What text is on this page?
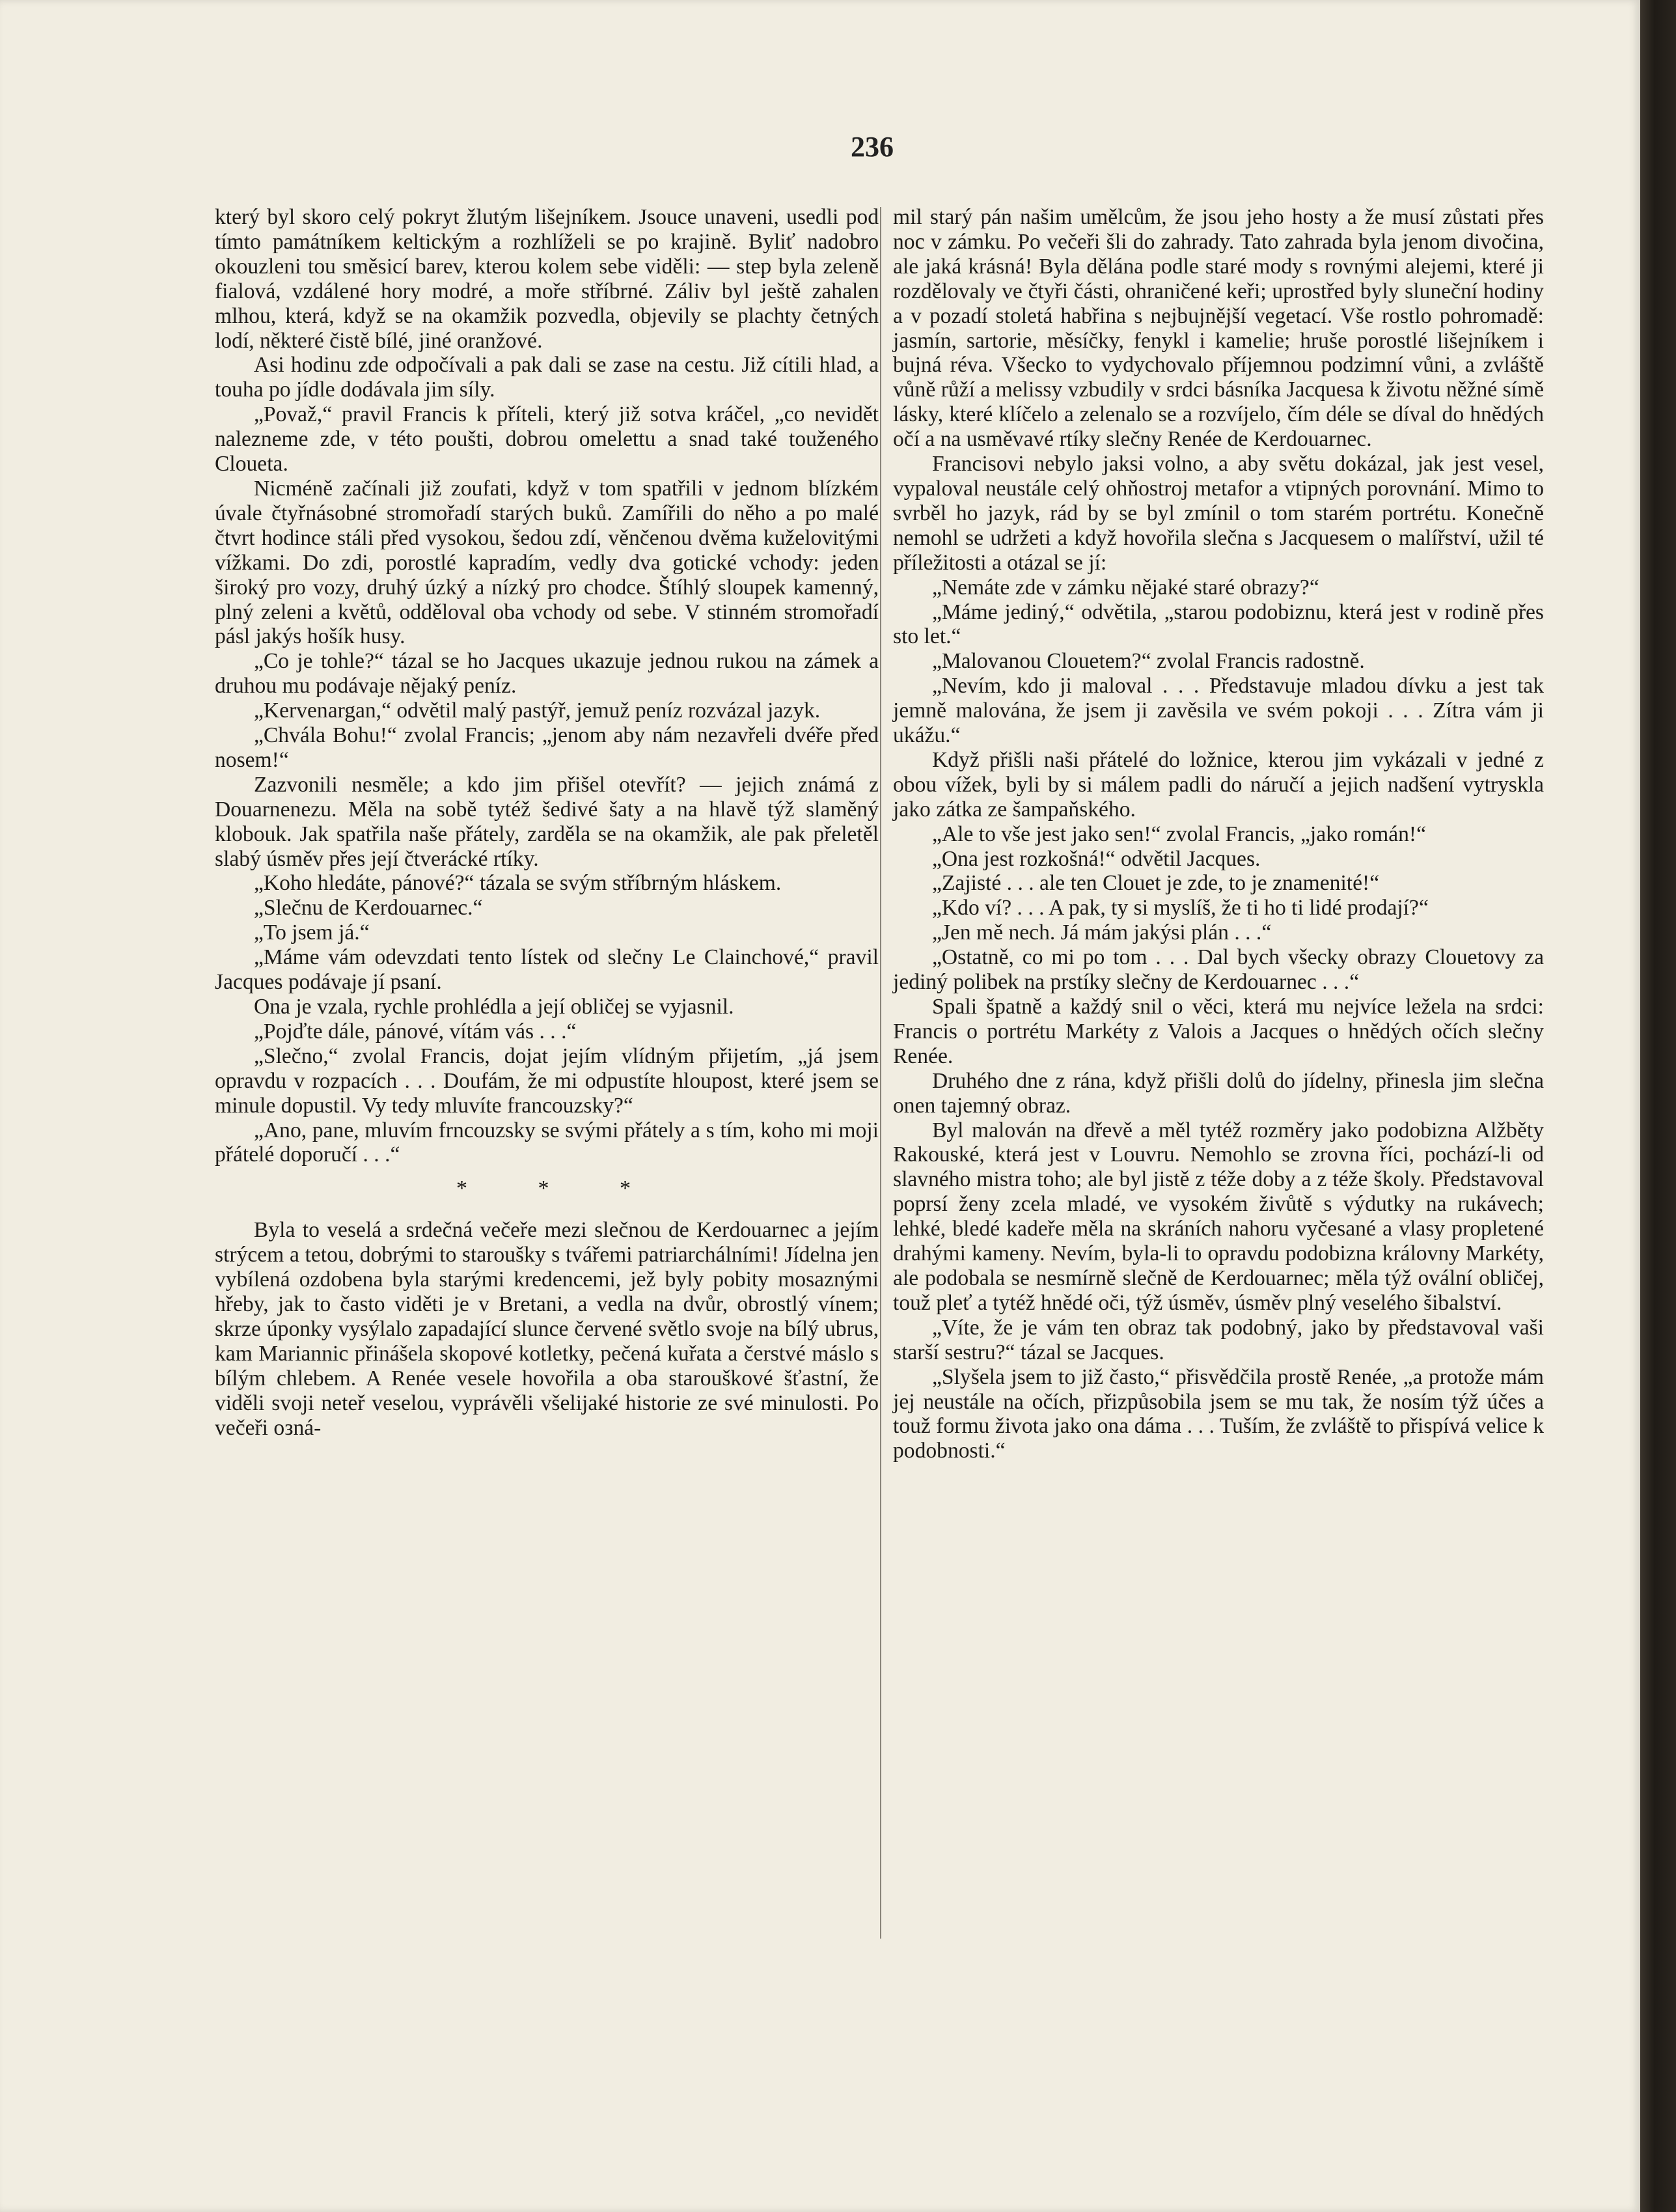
236

který byl skoro celý pokryt žlutým lišejníkem. Jsouce unaveni, usedli pod tímto památníkem keltickým a rozhlíželi se po krajině. Byliť nadobro okouzleni tou směsicí barev, kterou kolem sebe viděli: — step byla zeleně fialová, vzdálené hory modré, a moře stříbrné. Záliv byl ještě zahalen mlhou, která, když se na okamžik pozvedla, objevily se plachty četných lodí, některé čistě bílé, jiné oranžové.

Asi hodinu zde odpočívali a pak dali se zase na cestu. Již cítili hlad, a touha po jídle dodávala jim síly.

„Považ,“ pravil Francis k příteli, který již sotva kráčel, „co nevidět nalezneme zde, v této poušti, dobrou omelettu a snad také touženého Clouetа.

Nicméně začínali již zoufati, když v tom spatřili v jednom blízkém úvale čtyřnásobné stromořadí starých buků. Zamířili do něho a po malé čtvrt hodince stáli před vysokou, šedou zdí, věnčenou dvěma kuželovitými vížkami. Do zdi, porostlé kapradím, vedly dva gotické vchody: jeden široký pro vozy, druhý úzký a nízký pro chodce. Štíhlý sloupek kamenný, plný zeleni a květů, odděloval oba vchody od sebe. V stinném stromořadí pásl jakýs hošík husy.

„Co je tohle?“ tázal se ho Jacques ukazuje jednou rukou na zámek a druhou mu podávaje nějaký peníz.

„Kervenargan,“ odvětil malý pastýř, jemuž peníz rozvázal jazyk.

„Chvála Bohu!“ zvolal Francis; „jenom aby nám nezavřeli dvéře před nosem!“

Zazvonili nesměle; a kdo jim přišel otevřít? — jejich známá z Douarnenezu. Měla na sobě tytéž šedivé šaty a na hlavě týž slaměný klobouk. Jak spatřila naše přátely, zarděla se na okamžik, ale pak přeletěl slabý úsměv přes její čtverácké rtíky.

„Koho hledáte, pánové?“ tázala se svým stříbrným hláskem.

„Slečnu de Kerdouarnec.“

„To jsem já.“

„Máme vám odevzdati tento lístek od slečny Le Clainchové,“ pravil Jacques podávaje jí psaní.

Ona je vzala, rychle prohlédla a její obličej se vyjasnil.

„Pojďte dále, pánové, vítám vás . . .“

„Slečno,“ zvolal Francis, dojat jejím vlídným přijetím, „já jsem opravdu v rozpacích . . . Doufám, že mi odpustíte hloupost, které jsem se minule dopustil. Vy tedy mluvíte francouzsky?“

„Ano, pane, mluvím frncouzsky se svými přátely a s tím, koho mi moji přátelé doporučí . . .“

* * *

Byla to veselá a srdečná večeře mezi slečnou de Kerdouarnec a jejím strýcem a tetou, dobrými to starоušky s tvářemi patriarchálními! Jídelna jen vybílená ozdobena byla starými kredencemi, jež byly pobity mosaznými hřeby, jak to často viděti je v Bretani, a vedla na dvůr, obrostlý vínem; skrze úponky vysýlalo zapadající slunce červené světlo svoje na bílý ubrus, kam Mariannic přinášela skopové kotletky, pečená kuřata a čerstvé máslo s bílým chlebem. A Renée vesele hovořila a oba starouškové šťastní, že viděli svoji neteř veselou, vyprávěli všelijaké historie ze své minulosti. Po večeři oзná-

mil starý pán našim umělcům, že jsou jeho hosty a že musí zůstati přes noc v zámku. Po večeři šli do zahrady. Tato zahrada byla jenom divočina, ale jaká krásná! Byla dělána podle staré mody s rovnými alejemi, které ji rozdělovaly ve čtyři části, ohraničené keři; uprostřed byly sluneční hodiny a v pozadí stoletá habřina s nejbujnější vegetací. Vše rostlo pohromadě: jasmín, sartorie, měsíčky, fenykl i kamelie; hruše porostlé lišejníkem i bujná réva. Všecko to vydychovalo příjemnou podzimní vůni, a zvláště vůně růží a melissy vzbudily v srdci básníka Jacquesa k životu něžné símě lásky, které klíčelo a zelenalo se a rozvíjelo, čím déle se díval do hnědých očí a na usměvavé rtíky slečny Renée de Kerdouarnec.

Francisovi nebylo jaksi volno, a aby světu dokázal, jak jest vesel, vypaloval neustále celý ohňostroj metafor a vtipných porovnání. Mimo to svrběl ho jazyk, rád by se byl zmínil o tom starém portrétu. Konečně nemohl se udržeti a když hovořila slečna s Jacquesem o malířství, užil té příležitosti a otázal se jí:

„Nemáte zde v zámku nějaké staré obrazy?“

„Máme jediný,“ odvětila, „starou podobiznu, která jest v rodině přes sto let.“

„Malovanou Clouetem?“ zvolal Francis radostně.

„Nevím, kdo ji maloval . . . Představuje mladou dívku a jest tak jemně malována, že jsem ji zavěsila ve svém pokoji . . . Zítra vám ji ukážu.“

Když přišli naši přátelé do ložnice, kterou jim vykázali v jedné z obou vížek, byli by si málem padli do náručí a jejich nadšení vytryskla jako zátka ze šampaňského.

„Ale to vše jest jako sen!“ zvolal Francis, „jako román!“

„Ona jest rozkošná!“ odvětil Jacques.

„Zajisté . . . ale ten Clouet je zde, to je znamenité!“

„Kdo ví? . . . A pak, ty si myslíš, že ti ho ti lidé prodají?“

„Jen mě nech. Já mám jakýsi plán . . .“

„Ostatně, co mi po tom . . . Dal bych všecky obrazy Clouetovy za jediný polibek na prstíky slečny de Kerdouarnec . . .“

Spali špatně a každý snil o věci, která mu nejvíce ležela na srdci: Francis o portrétu Markéty z Valois a Jacques o hnědých očích slečny Renée.

Druhého dne z rána, když přišli dolů do jídelny, přinesla jim slečna onen tajemný obraz.

Byl malován na dřevě a měl tytéž rozměry jako podobizna Alžběty Rakouské, která jest v Louvru. Nemohlo se zrovna říci, pochází-li od slavného mistra toho; ale byl jistě z téže doby a z téže školy. Představoval poprsí ženy zcela mladé, ve vysokém živůtě s výdutky na rukávech; lehké, bledé kadeře měla na skráních nahoru vyčesané a vlasy propletené drahými kameny. Nevím, byla-li to opravdu podobizna královny Markéty, ale podobala se nesmírně slečně de Kerdouarnec; měla týž ovální obličej, touž pleť a tytéž hnědé oči, týž úsměv, úsměv plný veselého šibalství.

„Víte, že je vám ten obraz tak podobný, jako by představoval vaši starší sestru?“ tázal se Jacques.

„Slyšela jsem to již často,“ přisvědčila prostě Renée, „a protože mám jej neustále na očích, přizpůsobila jsem se mu tak, že nosím týž účes a touž formu života jako ona dáma . . . Tuším, že zvláště to přispívá velice k podobnosti.“
